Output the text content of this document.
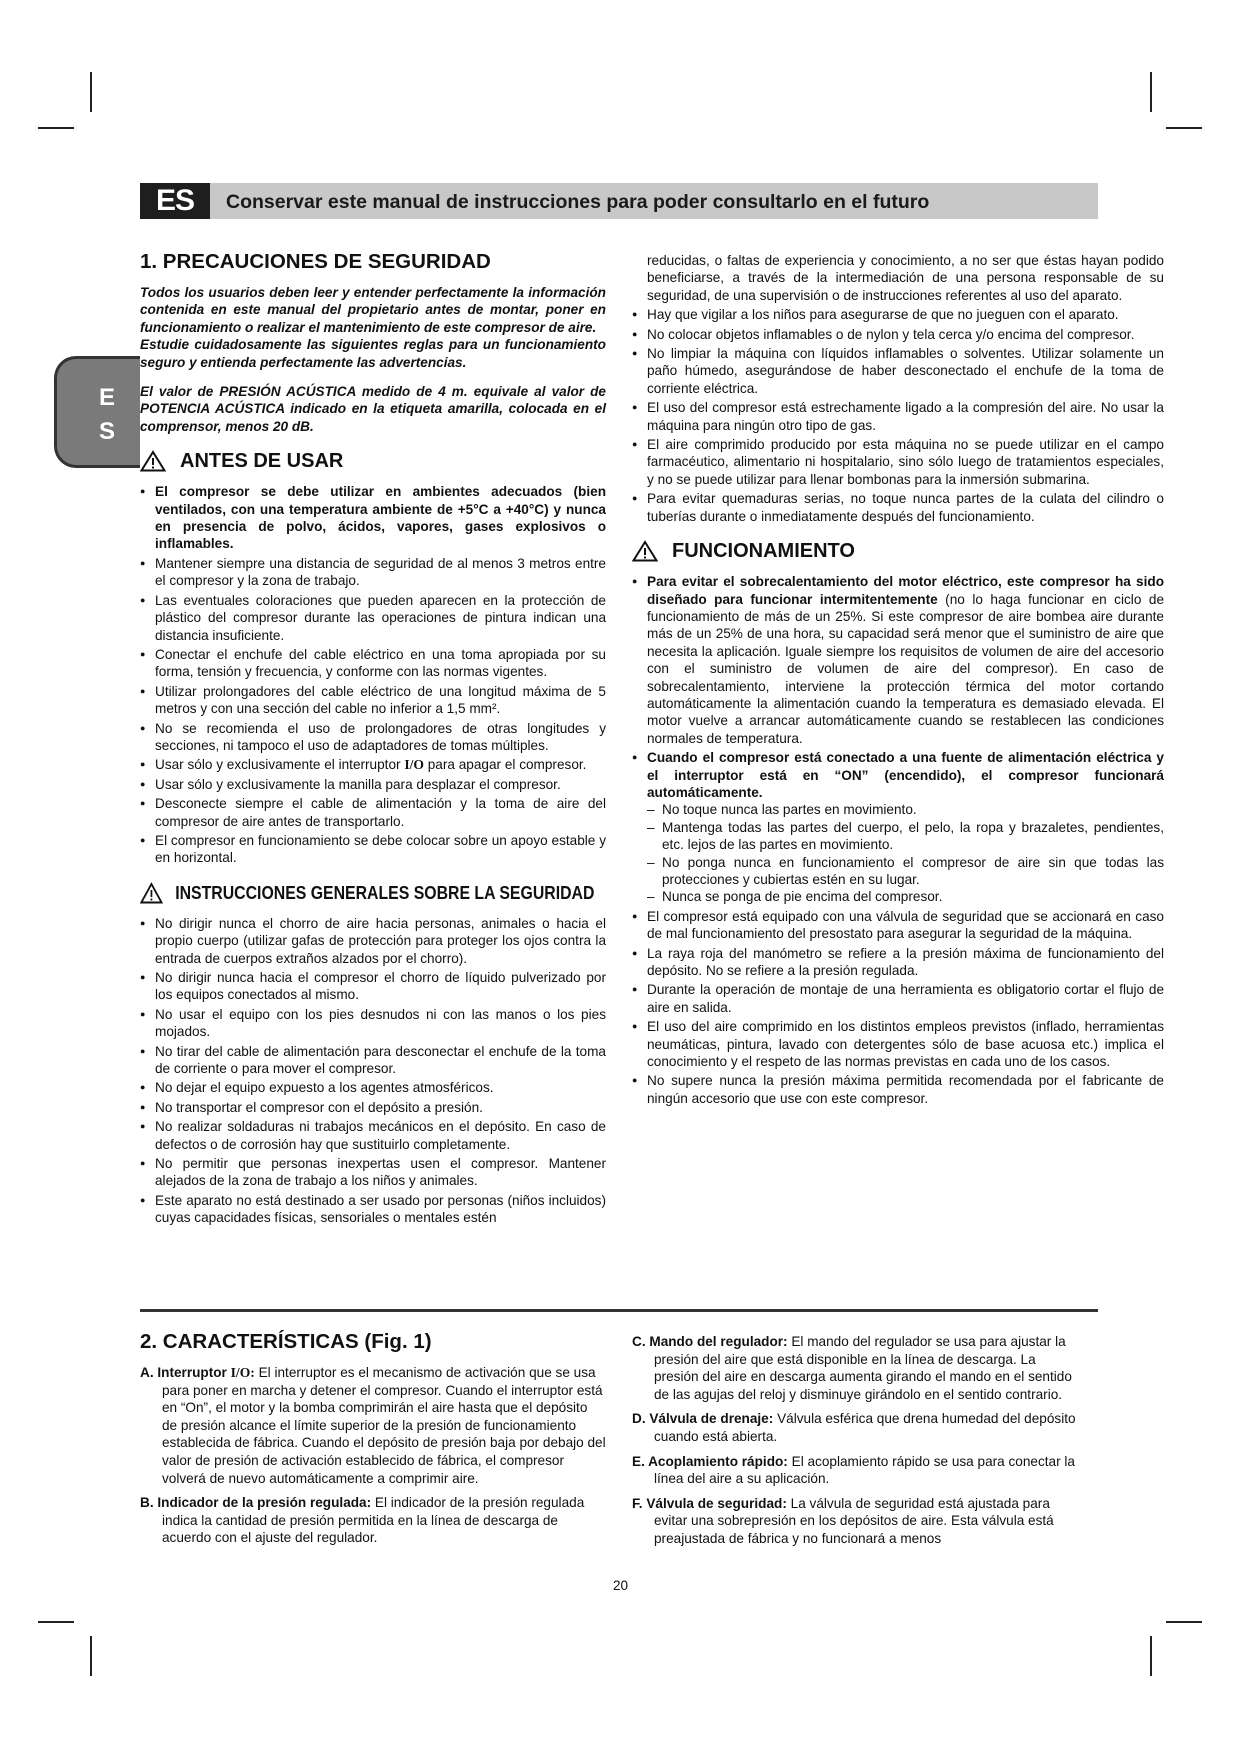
ES	Conservar este manual de instrucciones para poder consultarlo en el futuro
E
S
1. PRECAUCIONES DE SEGURIDAD

Todos los usuarios deben leer y entender perfectamente la información contenida en este manual del propietario antes de montar, poner en funcionamiento o realizar el mantenimiento de este compresor de aire.

Estudie cuidadosamente las siguientes reglas para un funcionamiento seguro y entienda perfectamente las advertencias.

El valor de PRESIÓN ACÚSTICA medido de 4 m. equivale al valor de POTENCIA ACÚSTICA indicado en la etiqueta amarilla, colocada en el comprensor, menos 20 dB.

ANTES DE USAR
● El compresor se debe utilizar en ambientes adecuados (bien ventilados, con una temperatura ambiente de +5°C a +40°C) y nunca en presencia de polvo, ácidos, vapores, gases explosivos o inflamables.
● Mantener siempre una distancia de seguridad de al menos 3 metros entre el compresor y la zona de trabajo.
● Las eventuales coloraciones que pueden aparecen en la protección de plástico del compresor durante las operaciones de pintura indican una distancia insuficiente.
● Conectar el enchufe del cable eléctrico en una toma apropiada por su forma, tensión y frecuencia, y conforme con las normas vigentes.
● Utilizar prolongadores del cable eléctrico de una longitud máxima de 5 metros y con una sección del cable no inferior a 1,5 mm².
● No se recomienda el uso de prolongadores de otras longitudes y secciones, ni tampoco el uso de adaptadores de tomas múltiples.
● Usar sólo y exclusivamente el interruptor I/O para apagar el compresor.
● Usar sólo y exclusivamente la manilla para desplazar el compresor.
● Desconecte siempre el cable de alimentación y la toma de aire del compresor de aire antes de transportarlo.
● El compresor en funcionamiento se debe colocar sobre un apoyo estable y en horizontal.
INSTRUCCIONES GENERALES SOBRE LA SEGURIDAD
● No dirigir nunca el chorro de aire hacia personas, animales o hacia el propio cuerpo (utilizar gafas de protección para proteger los ojos contra la entrada de cuerpos extraños alzados por el chorro).
● No dirigir nunca hacia el compresor el chorro de líquido pulverizado por los equipos conectados al mismo.
● No usar el equipo con los pies desnudos ni con las manos o los pies mojados.
● No tirar del cable de alimentación para desconectar el enchufe de la toma de corriente o para mover el compresor.
● No dejar el equipo expuesto a los agentes atmosféricos.
● No transportar el compresor con el depósito a presión.
● No realizar soldaduras ni trabajos mecánicos en el depósito. En caso de defectos o de corrosión hay que sustituirlo completamente.
● No permitir que personas inexpertas usen el compresor. Mantener alejados de la zona de trabajo a los niños y animales.
● Este aparato no está destinado a ser usado por personas (niños incluidos) cuyas capacidades físicas, sensoriales o mentales estén

reducidas, o faltas de experiencia y conocimiento, a no ser que éstas hayan podido beneficiarse, a través de la intermediación de una persona responsable de su seguridad, de una supervisión o de instrucciones referentes al uso del aparato.

● Hay que vigilar a los niños para asegurarse de que no jueguen con el aparato.
● No colocar objetos inflamables o de nylon y tela cerca y/o encima del compresor.
● No limpiar la máquina con líquidos inflamables o solventes. Utilizar solamente un paño húmedo, asegurándose de haber desconectado el enchufe de la toma de corriente eléctrica.
● El uso del compresor está estrechamente ligado a la compresión del aire. No usar la máquina para ningún otro tipo de gas.
● El aire comprimido producido por esta máquina no se puede utilizar en el campo farmacéutico, alimentario ni hospitalario, sino sólo luego de tratamientos especiales, y no se puede utilizar para llenar bombonas para la inmersión submarina.
● Para evitar quemaduras serias, no toque nunca partes de la culata del cilindro o tuberías durante o inmediatamente después del funcionamiento.
FUNCIONAMIENTO
● Para evitar el sobrecalentamiento del motor eléctrico, este compresor ha sido diseñado para funcionar intermitentemente (no lo haga funcionar en ciclo de funcionamiento de más de un 25%. Si este compresor de aire bombea aire durante más de un 25% de una hora, su capacidad será menor que el suministro de aire que necesita la aplicación. Iguale siempre los requisitos de volumen de aire del accesorio con el suministro de volumen de aire del compresor). En caso de sobrecalentamiento, interviene la protección térmica del motor cortando automáticamente la alimentación cuando la temperatura es demasiado elevada. El motor vuelve a arrancar automáticamente cuando se restablecen las condiciones normales de temperatura.
● Cuando el compresor está conectado a una fuente de alimentación eléctrica y el interruptor está en “ON” (encendido), el compresor funcionará automáticamente.
– No toque nunca las partes en movimiento.
– Mantenga todas las partes del cuerpo, el pelo, la ropa y brazaletes, pendientes, etc. lejos de las partes en movimiento.
– No ponga nunca en funcionamiento el compresor de aire sin que todas las protecciones y cubiertas estén en su lugar.
– Nunca se ponga de pie encima del compresor.
● El compresor está equipado con una válvula de seguridad que se accionará en caso de mal funcionamiento del presostato para asegurar la seguridad de la máquina.
● La raya roja del manómetro se refiere a la presión máxima de funcionamiento del depósito. No se refiere a la presión regulada.
● Durante la operación de montaje de una herramienta es obligatorio cortar el flujo de aire en salida.
● El uso del aire comprimido en los distintos empleos previstos (inflado, herramientas neumáticas, pintura, lavado con detergentes sólo de base acuosa etc.) implica el conocimiento y el respeto de las normas previstas en cada uno de los casos.
● No supere nunca la presión máxima permitida recomendada por el fabricante de ningún accesorio que use con este compresor.
2. CARACTERÍSTICAS (Fig. 1)
A. Interruptor I/O: El interruptor es el mecanismo de activación que se usa para poner en marcha y detener el compresor. Cuando el interruptor está en “On”, el motor y la bomba comprimirán el aire hasta que el depósito de presión alcance el límite superior de la presión de funcionamiento establecida de fábrica. Cuando el depósito de presión baja por debajo del valor de presión de activación establecido de fábrica, el compresor volverá de nuevo automáticamente a comprimir aire.
B. Indicador de la presión regulada: El indicador de la presión regulada indica la cantidad de presión permitida en la línea de descarga de acuerdo con el ajuste del regulador.
C. Mando del regulador: El mando del regulador se usa para ajustar la presión del aire que está disponible en la línea de descarga. La presión del aire en descarga aumenta girando el mando en el sentido de las agujas del reloj y disminuye girándolo en el sentido contrario.
D. Válvula de drenaje: Válvula esférica que drena humedad del depósito cuando está abierta.
E. Acoplamiento rápido: El acoplamiento rápido se usa para conectar la línea del aire a su aplicación.
F. Válvula de seguridad: La válvula de seguridad está ajustada para evitar una sobrepresión en los depósitos de aire. Esta válvula está preajustada de fábrica y no funcionará a menos
20
